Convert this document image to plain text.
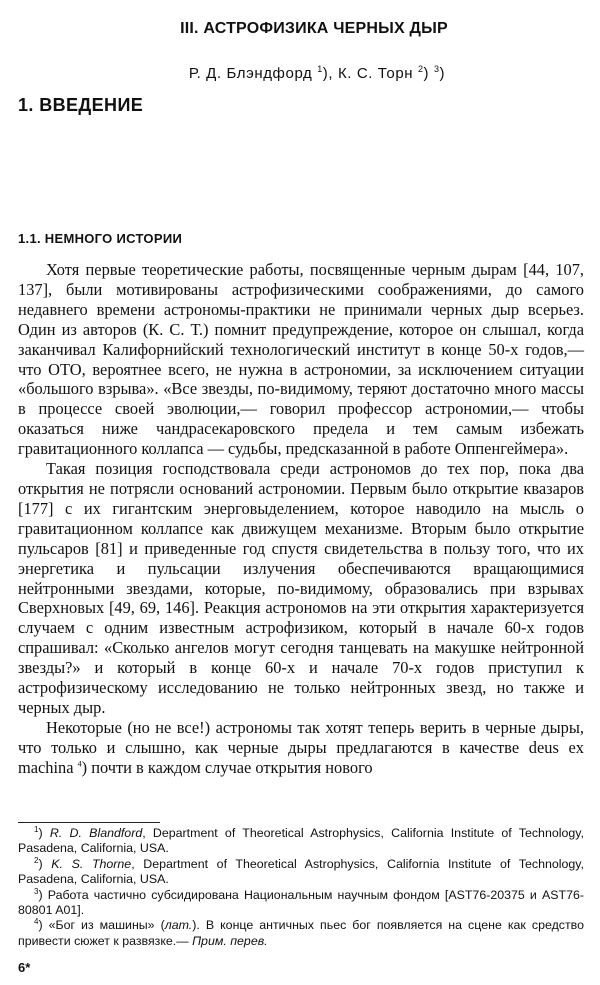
III. АСТРОФИЗИКА ЧЕРНЫХ ДЫР
Р. Д. Блэндфорд $^1$), К. С. Торн $^2$) $^3$)
1. ВВЕДЕНИЕ
1.1. НЕМНОГО ИСТОРИИ

Хотя первые теоретические работы, посвященные черным дырам [44, 107, 137], были мотивированы астрофизическими соображениями, до самого недавнего времени астрономы-практики не принимали черных дыр всерьез. Один из авторов (К. С. Т.) помнит предупреждение, которое он слышал, когда заканчивал Калифорнийский технологический институт в конце 50-х годов,— что ОТО, вероятнее всего, не нужна в астрономии, за исключением ситуации «большого взрыва». «Все звезды, по-видимому, теряют достаточно много массы в процессе своей эволюции,— говорил профессор астрономии,— чтобы оказаться ниже чандрасекаровского предела и тем самым избежать гравитационного коллапса — судьбы, предсказанной в работе Оппенгеймера».

Такая позиция господствовала среди астрономов до тех пор, пока два открытия не потрясли оснований астрономии. Первым было открытие квазаров [177] с их гигантским энерговыделением, которое наводило на мысль о гравитационном коллапсе как движущем механизме. Вторым было открытие пульсаров [81] и приведенные год спустя свидетельства в пользу того, что их энергетика и пульсации излучения обеспечиваются вращающимися нейтронными звездами, которые, по-видимому, образовались при взрывах Сверхновых [49, 69, 146]. Реакция астрономов на эти открытия характеризуется случаем с одним известным астрофизиком, который в начале 60-х годов спрашивал: «Сколько ангелов могут сегодня танцевать на макушке нейтронной звезды?» и который в конце 60-х и начале 70-х годов приступил к астрофизическому исследованию не только нейтронных звезд, но также и черных дыр.

Некоторые (но не все!) астрономы так хотят теперь верить в черные дыры, что только и слышно, как черные дыры предлагаются в качестве deus ex machina $^4$) почти в каждом случае открытия нового

$^1$) R. D. Blandford, Department of Theoretical Astrophysics, California Institute of Technology, Pasadena, California, USA.

$^2$) K. S. Thorne, Department of Theoretical Astrophysics, California Institute of Technology, Pasadena, California, USA.

$^3$) Работа частично субсидирована Национальным научным фондом [AST76-20375 и AST76-80801 A01].

$^4$) «Бог из машины» (лат.). В конце античных пьес бог появляется на сцене как средство привести сюжет к развязке.— Прим. перев.

6*
